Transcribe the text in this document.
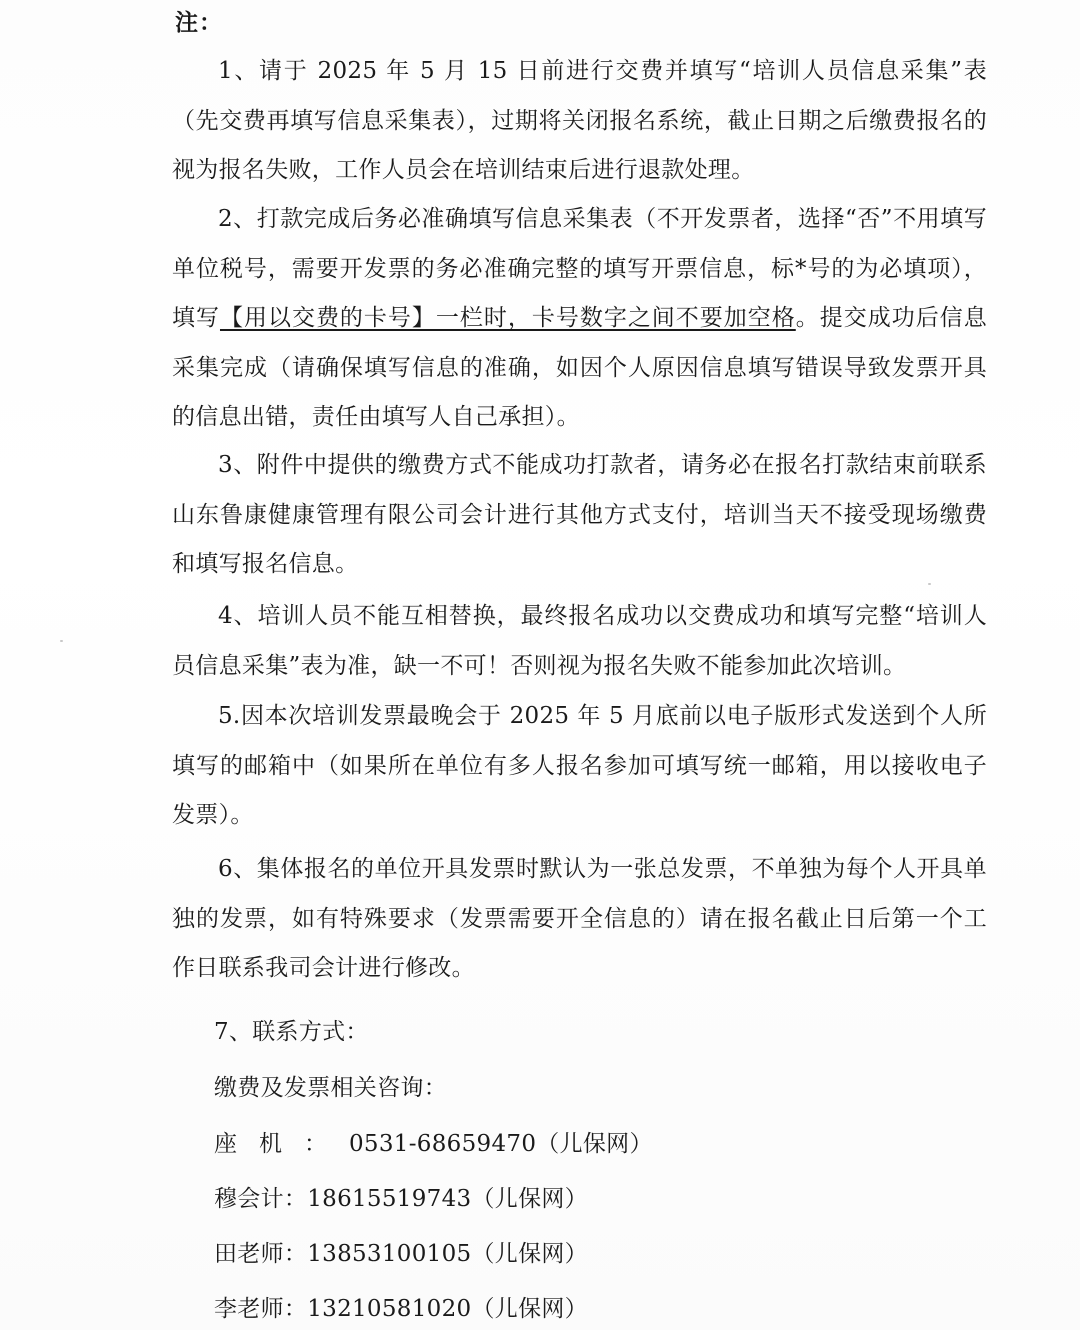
注：

1、请于 2025 年 5 月 15 日前进行交费并填写“培训人员信息采集”表（先交费再填写信息采集表），过期将关闭报名系统，截止日期之后缴费报名的视为报名失败，工作人员会在培训结束后进行退款处理。

2、打款完成后务必准确填写信息采集表（不开发票者，选择“否”不用填写单位税号，需要开发票的务必准确完整的填写开票信息，标*号的为必填项），填写【用以交费的卡号】一栏时，卡号数字之间不要加空格。提交成功后信息采集完成（请确保填写信息的准确，如因个人原因信息填写错误导致发票开具的信息出错，责任由填写人自己承担）。

3、附件中提供的缴费方式不能成功打款者，请务必在报名打款结束前联系山东鲁康健康管理有限公司会计进行其他方式支付，培训当天不接受现场缴费和填写报名信息。

4、培训人员不能互相替换，最终报名成功以交费成功和填写完整“培训人员信息采集”表为准，缺一不可！否则视为报名失败不能参加此次培训。

5.因本次培训发票最晚会于 2025 年 5 月底前以电子版形式发送到个人所填写的邮箱中（如果所在单位有多人报名参加可填写统一邮箱，用以接收电子发票）。

6、集体报名的单位开具发票时默认为一张总发票，不单独为每个人开具单独的发票，如有特殊要求（发票需要开全信息的）请在报名截止日后第一个工作日联系我司会计进行修改。

7、联系方式：
缴费及发票相关咨询：
座机：0531-68659470（儿保网）
穆会计：18615519743（儿保网）
田老师：13853100105（儿保网）
李老师：13210581020（儿保网）
